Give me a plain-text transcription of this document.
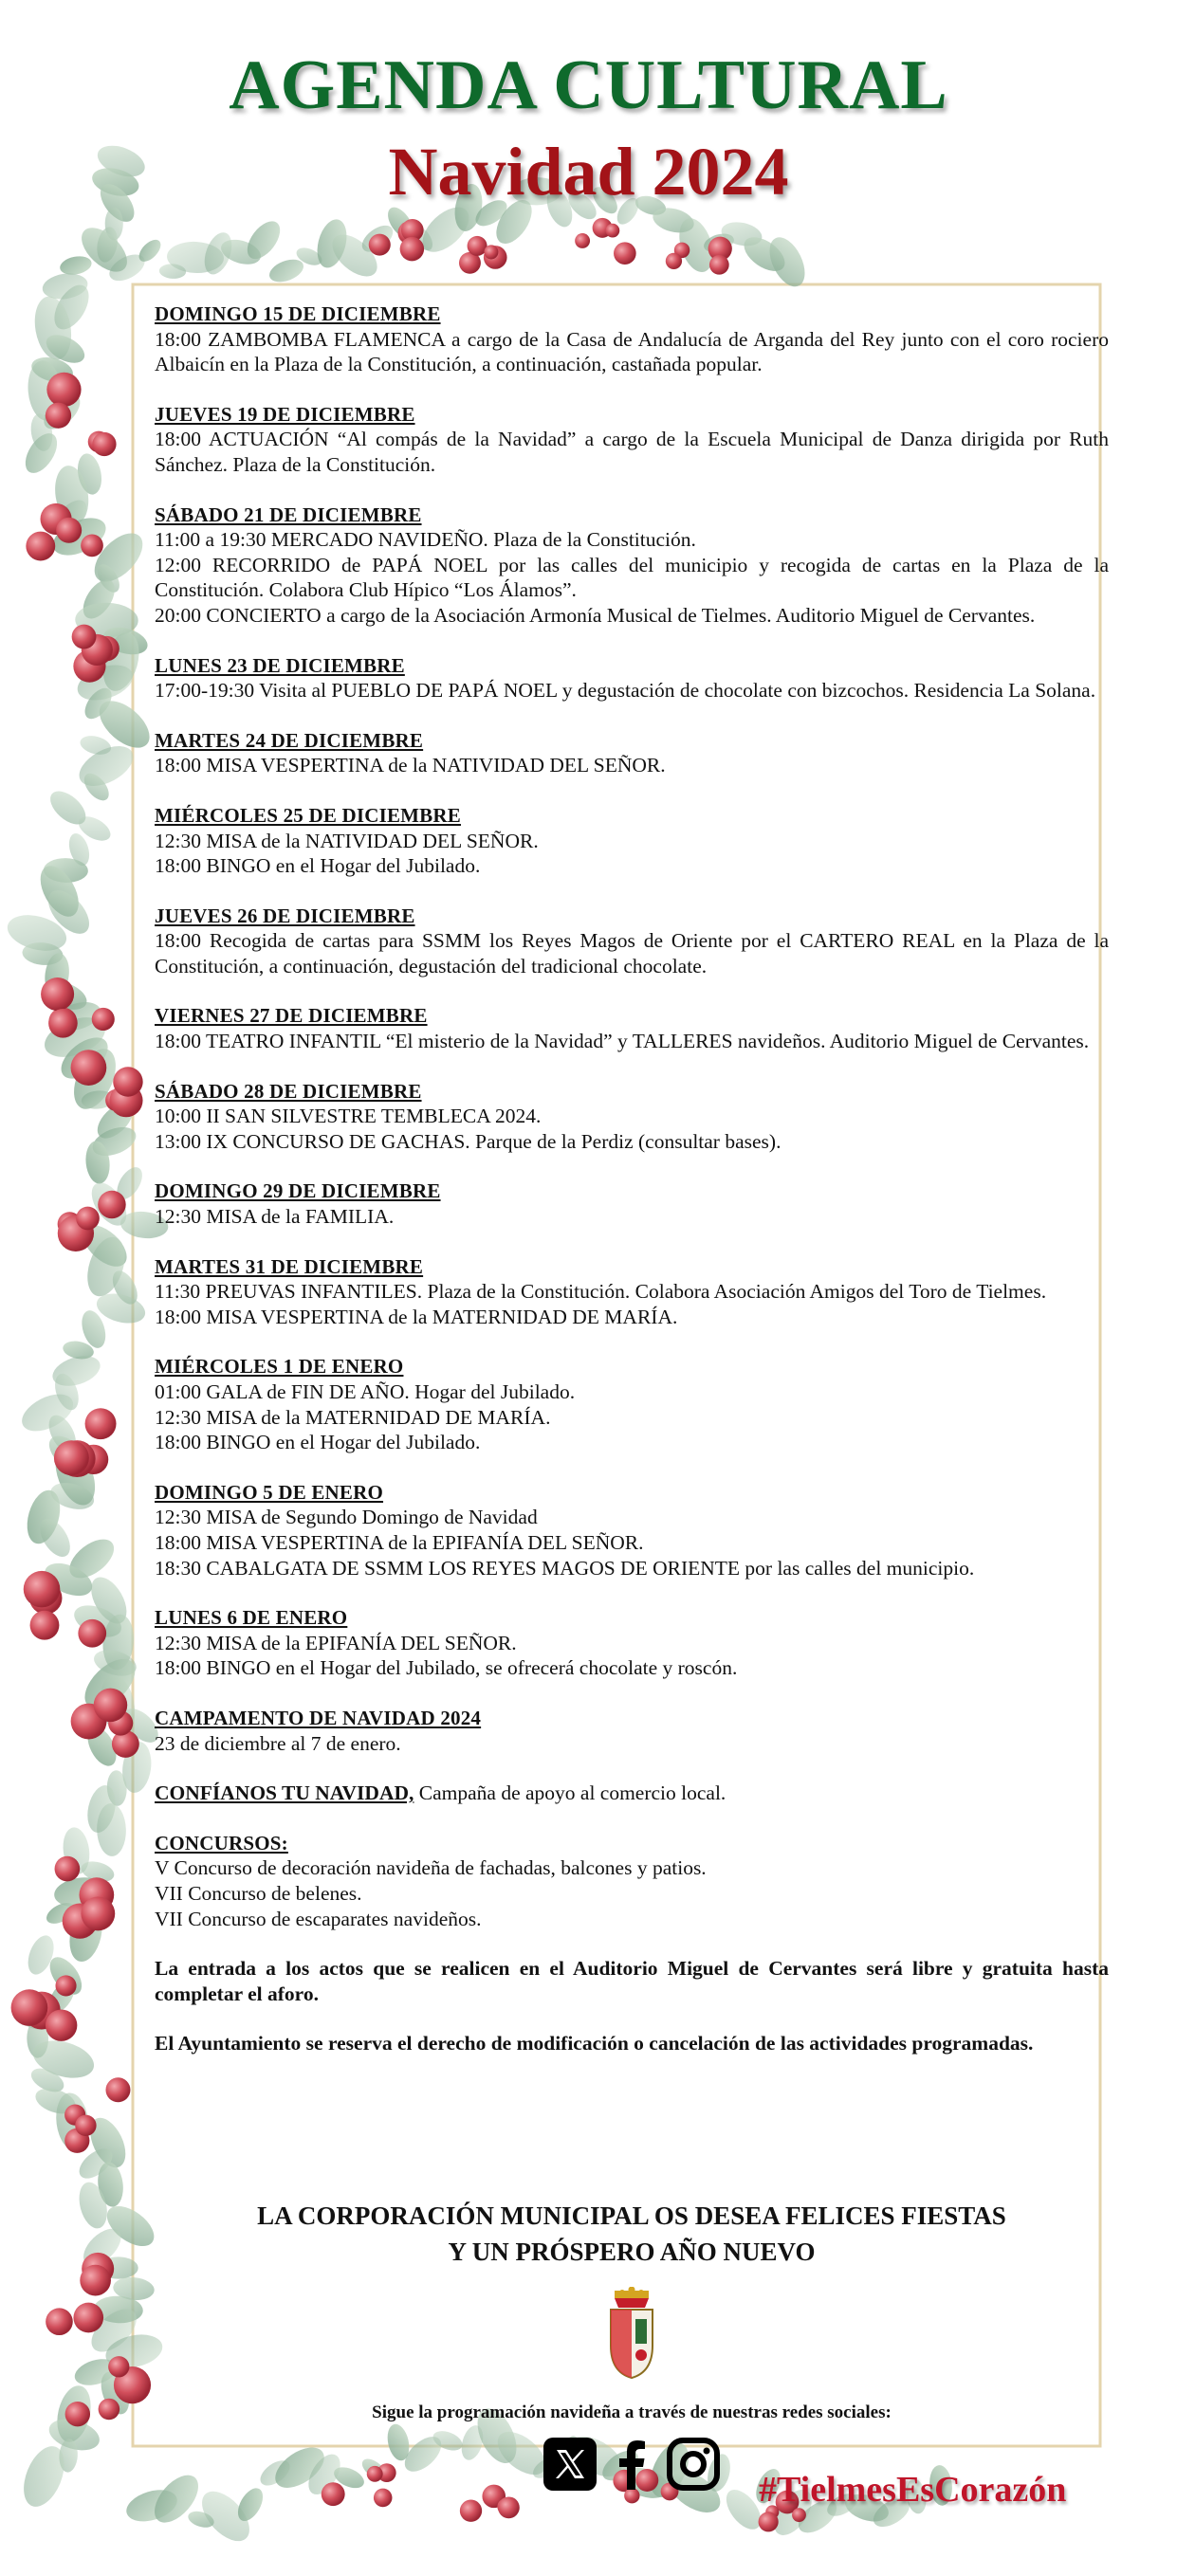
AGENDA CULTURAL
Navidad 2024
DOMINGO 15 DE DICIEMBRE
18:00 ZAMBOMBA FLAMENCA a cargo de la Casa de Andalucía de Arganda del Rey junto con el coro rociero Albaicín en la Plaza de la Constitución, a continuación, castañada popular.
JUEVES 19 DE DICIEMBRE
18:00 ACTUACIÓN “Al compás de la Navidad” a cargo de la Escuela Municipal de Danza dirigida por Ruth Sánchez. Plaza de la Constitución.
SÁBADO 21 DE DICIEMBRE
11:00 a 19:30 MERCADO NAVIDEÑO. Plaza de la Constitución.
12:00 RECORRIDO de PAPÁ NOEL por las calles del municipio y recogida de cartas en la Plaza de la Constitución. Colabora Club Hípico “Los Álamos”.
20:00 CONCIERTO a cargo de la Asociación Armonía Musical de Tielmes. Auditorio Miguel de Cervantes.
LUNES 23 DE DICIEMBRE
17:00-19:30 Visita al PUEBLO DE PAPÁ NOEL y degustación de chocolate con bizcochos. Residencia La Solana.
MARTES 24 DE DICIEMBRE
18:00 MISA VESPERTINA de la NATIVIDAD DEL SEÑOR.
MIÉRCOLES 25 DE DICIEMBRE
12:30 MISA de la NATIVIDAD DEL SEÑOR.
18:00 BINGO en el Hogar del Jubilado.
JUEVES 26 DE DICIEMBRE
18:00 Recogida de cartas para SSMM los Reyes Magos de Oriente por el CARTERO REAL en la Plaza de la Constitución, a continuación, degustación del tradicional chocolate.
VIERNES 27 DE DICIEMBRE
18:00 TEATRO INFANTIL “El misterio de la Navidad” y TALLERES navideños. Auditorio Miguel de Cervantes.
SÁBADO 28 DE DICIEMBRE
10:00 II SAN SILVESTRE TEMBLECA 2024.
13:00 IX CONCURSO DE GACHAS. Parque de la Perdiz (consultar bases).
DOMINGO 29 DE DICIEMBRE
12:30 MISA de la FAMILIA.
MARTES 31 DE DICIEMBRE
11:30 PREUVAS INFANTILES. Plaza de la Constitución. Colabora Asociación Amigos del Toro de Tielmes.
18:00 MISA VESPERTINA de la MATERNIDAD DE MARÍA.
MIÉRCOLES 1 DE ENERO
01:00 GALA de FIN DE AÑO. Hogar del Jubilado.
12:30 MISA de la MATERNIDAD DE MARÍA.
18:00 BINGO en el Hogar del Jubilado.
DOMINGO 5 DE ENERO
12:30 MISA de Segundo Domingo de Navidad
18:00 MISA VESPERTINA de la EPIFANÍA DEL SEÑOR.
18:30 CABALGATA DE SSMM LOS REYES MAGOS DE ORIENTE por las calles del municipio.
LUNES 6 DE ENERO
12:30 MISA de la EPIFANÍA DEL SEÑOR.
18:00 BINGO en el Hogar del Jubilado, se ofrecerá chocolate y roscón.
CAMPAMENTO DE NAVIDAD 2024
23 de diciembre al 7 de enero.
CONFÍANOS TU NAVIDAD, Campaña de apoyo al comercio local.
CONCURSOS:
V Concurso de decoración navideña de fachadas, balcones y patios.
VII Concurso de belenes.
VII Concurso de escaparates navideños.
La entrada a los actos que se realicen en el Auditorio Miguel de Cervantes será libre y gratuita hasta completar el aforo.
El Ayuntamiento se reserva el derecho de modificación o cancelación de las actividades programadas.
LA CORPORACIÓN MUNICIPAL OS DESEA FELICES FIESTAS
Y UN PRÓSPERO AÑO NUEVO
Sigue la programación navideña a través de nuestras redes sociales:
#TielmesEsCorazón
